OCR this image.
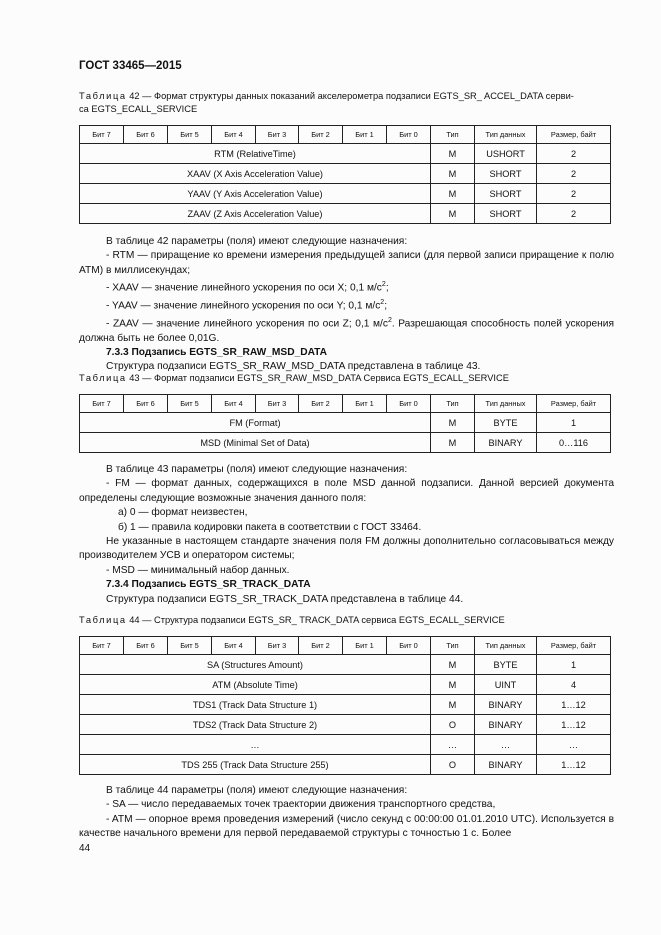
ГОСТ 33465—2015
Таблица 42 — Формат структуры данных показаний акселерометра подзаписи EGTS_SR_ ACCEL_DATA серви-
са EGTS_ECALL_SERVICE
Бит 7	Бит 6	Бит 5	Бит 4	Бит 3	Бит 2	Бит 1	Бит 0	Тип	Тип данных	Размер, байт
RTM (RelativeTime)								M	USHORT	2
XAAV (X Axis Acceleration Value)								M	SHORT	2
YAAV (Y Axis Acceleration Value)								M	SHORT	2
ZAAV (Z Axis Acceleration Value)								M	SHORT	2

В таблице 42 параметры (поля) имеют следующие назначения:

- RTM — приращение ко времени измерения предыдущей записи (для первой записи приращение к полю ATM) в миллисекундах;

- XAAV — значение линейного ускорения по оси X; 0,1 $м/с^2$;

- YAAV — значение линейного ускорения по оси Y; 0,1 $м/с^2$;

- ZAAV — значение линейного ускорения по оси Z; 0,1 $м/с^2$. Разрешающая способность полей ускорения должна быть не более 0,01G.

7.3.3 Подзапись EGTS_SR_RAW_MSD_DATA

Структура подзаписи EGTS_SR_RAW_MSD_DATA представлена в таблице 43.

Таблица 43 — Формат подзаписи EGTS_SR_RAW_MSD_DATA Сервиса EGTS_ECALL_SERVICE
Бит 7	Бит 6	Бит 5	Бит 4	Бит 3	Бит 2	Бит 1	Бит 0	Тип	Тип данных	Размер, байт
FM (Format)								M	BYTE	1
MSD (Minimal Set of Data)								M	BINARY	0…116

В таблице 43 параметры (поля) имеют следующие назначения:

- FM — формат данных, содержащихся в поле MSD данной подзаписи. Данной версией документа определены следующие возможные значения данного поля:

а) 0 — формат неизвестен,

б) 1 — правила кодировки пакета в соответствии с ГОСТ 33464.

Не указанные в настоящем стандарте значения поля FM должны дополнительно согласовываться между производителем УСВ и оператором системы;

- MSD — минимальный набор данных.

7.3.4 Подзапись EGTS_SR_TRACK_DATA

Структура подзаписи EGTS_SR_TRACK_DATA представлена в таблице 44.

Таблица 44 — Структура подзаписи EGTS_SR_ TRACK_DATA сервиса EGTS_ECALL_SERVICE
Бит 7	Бит 6	Бит 5	Бит 4	Бит 3	Бит 2	Бит 1	Бит 0	Тип	Тип данных	Размер, байт
SA (Structures Amount)								M	BYTE	1
ATM (Absolute Time)								M	UINT	4
TDS1 (Track Data Structure 1)								M	BINARY	1…12
TDS2 (Track Data Structure 2)								O	BINARY	1…12
…								…	…	…
TDS 255 (Track Data Structure 255)								O	BINARY	1…12

В таблице 44 параметры (поля) имеют следующие назначения:

- SA — число передаваемых точек траектории движения транспортного средства,

- ATM — опорное время проведения измерений (число секунд с 00:00:00 01.01.2010 UTC). Используется в качестве начального времени для первой передаваемой структуры с точностью 1 с. Более

44
